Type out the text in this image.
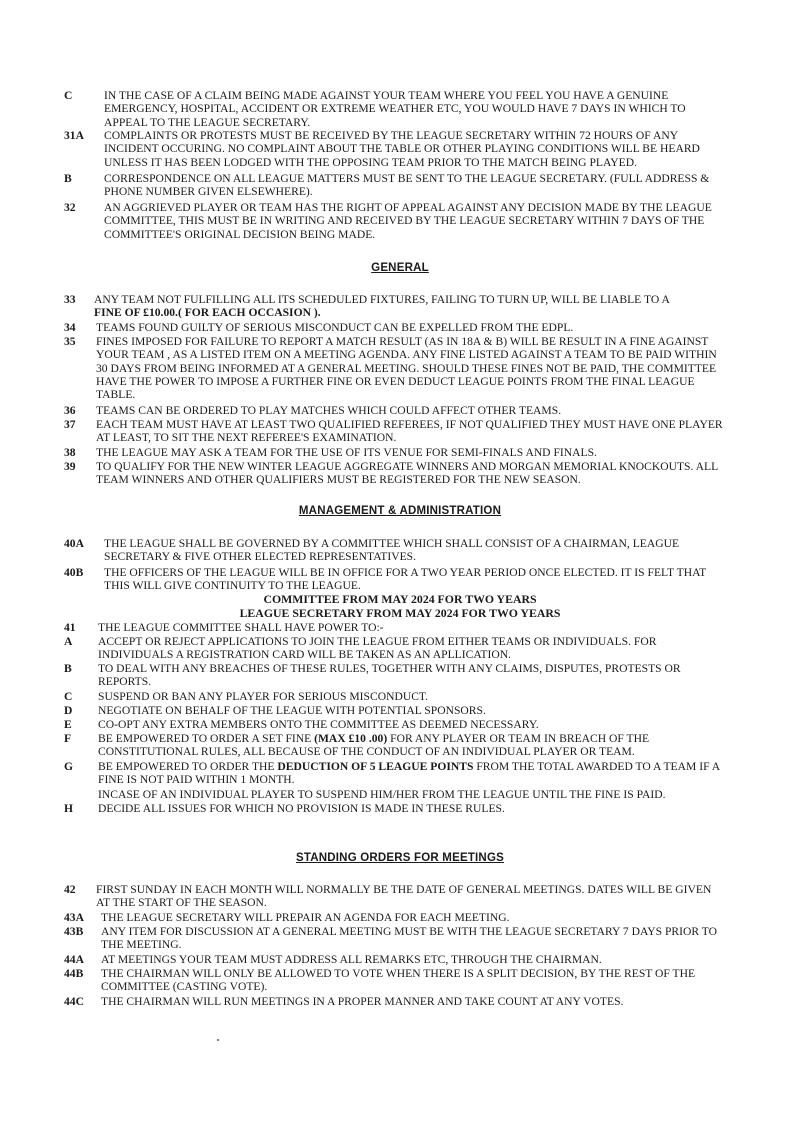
C	IN THE CASE OF A CLAIM BEING MADE AGAINST YOUR TEAM WHERE YOU FEEL YOU HAVE A GENUINE EMERGENCY, HOSPITAL, ACCIDENT OR EXTREME WEATHER ETC, YOU WOULD HAVE 7 DAYS IN WHICH TO APPEAL TO THE LEAGUE SECRETARY.
31A COMPLAINTS OR PROTESTS MUST BE RECEIVED BY THE LEAGUE SECRETARY WITHIN 72 HOURS OF ANY INCIDENT OCCURING. NO COMPLAINT ABOUT THE TABLE OR OTHER PLAYING CONDITIONS WILL BE HEARD UNLESS IT HAS BEEN LODGED WITH THE OPPOSING TEAM PRIOR TO THE MATCH BEING PLAYED.
B	CORRESPONDENCE ON ALL LEAGUE MATTERS MUST BE SENT TO THE LEAGUE SECRETARY. (FULL ADDRESS & PHONE NUMBER GIVEN ELSEWHERE).
32 AN AGGRIEVED PLAYER OR TEAM HAS THE RIGHT OF APPEAL AGAINST ANY DECISION MADE BY THE LEAGUE COMMITTEE, THIS MUST BE IN WRITING AND RECEIVED BY THE LEAGUE SECRETARY WITHIN 7 DAYS OF THE COMMITTEE'S ORIGINAL DECISION BEING MADE.
GENERAL
33 ANY TEAM NOT FULFILLING ALL ITS SCHEDULED FIXTURES, FAILING TO TURN UP, WILL BE LIABLE TO A
FINE OF £10.00.( FOR EACH OCCASION ).
34 TEAMS FOUND GUILTY OF SERIOUS MISCONDUCT CAN BE EXPELLED FROM THE EDPL.
35 FINES IMPOSED FOR FAILURE TO REPORT A MATCH RESULT (AS IN 18A & B) WILL BE RESULT IN A FINE AGAINST YOUR TEAM , AS A LISTED ITEM ON A MEETING AGENDA. ANY FINE LISTED AGAINST A TEAM TO BE PAID WITHIN 30 DAYS FROM BEING INFORMED AT A GENERAL MEETING. SHOULD THESE FINES NOT BE PAID, THE COMMITTEE HAVE THE POWER TO IMPOSE A FURTHER FINE OR EVEN DEDUCT LEAGUE POINTS FROM THE FINAL LEAGUE TABLE.
36 TEAMS CAN BE ORDERED TO PLAY MATCHES WHICH COULD AFFECT OTHER TEAMS.
37 EACH TEAM MUST HAVE AT LEAST TWO QUALIFIED REFEREES, IF NOT QUALIFIED THEY MUST HAVE ONE PLAYER AT LEAST, TO SIT THE NEXT REFEREE'S EXAMINATION.
38 THE LEAGUE MAY ASK A TEAM FOR THE USE OF ITS VENUE FOR SEMI-FINALS AND FINALS.
39 TO QUALIFY FOR THE NEW WINTER LEAGUE AGGREGATE WINNERS AND MORGAN MEMORIAL KNOCKOUTS. ALL TEAM WINNERS AND OTHER QUALIFIERS MUST BE REGISTERED FOR THE NEW SEASON.
MANAGEMENT & ADMINISTRATION
40A THE LEAGUE SHALL BE GOVERNED BY A COMMITTEE WHICH SHALL CONSIST OF A CHAIRMAN, LEAGUE SECRETARY & FIVE OTHER ELECTED REPRESENTATIVES.
40B THE OFFICERS OF THE LEAGUE WILL BE IN OFFICE FOR A TWO YEAR PERIOD ONCE ELECTED. IT IS FELT THAT THIS WILL GIVE CONTINUITY TO THE LEAGUE.
COMMITTEE FROM MAY 2024 FOR TWO YEARS
LEAGUE SECRETARY FROM MAY 2024 FOR TWO YEARS
41 THE LEAGUE COMMITTEE SHALL HAVE POWER TO:-
A ACCEPT OR REJECT APPLICATIONS TO JOIN THE LEAGUE FROM EITHER TEAMS OR INDIVIDUALS. FOR INDIVIDUALS A REGISTRATION CARD WILL BE TAKEN AS AN APLLICATION.
B TO DEAL WITH ANY BREACHES OF THESE RULES, TOGETHER WITH ANY CLAIMS, DISPUTES, PROTESTS OR REPORTS.
C SUSPEND OR BAN ANY PLAYER FOR SERIOUS MISCONDUCT.
D NEGOTIATE ON BEHALF OF THE LEAGUE WITH POTENTIAL SPONSORS.
E CO-OPT ANY EXTRA MEMBERS ONTO THE COMMITTEE AS DEEMED NECESSARY.
F BE EMPOWERED TO ORDER A SET FINE (MAX £10 .00) FOR ANY PLAYER OR TEAM IN BREACH OF THE CONSTITUTIONAL RULES, ALL BECAUSE OF THE CONDUCT OF AN INDIVIDUAL PLAYER OR TEAM.
G BE EMPOWERED TO ORDER THE DEDUCTION OF 5 LEAGUE POINTS FROM THE TOTAL AWARDED TO A TEAM IF A FINE IS NOT PAID WITHIN 1 MONTH.
INCASE OF AN INDIVIDUAL PLAYER TO SUSPEND HIM/HER FROM THE LEAGUE UNTIL THE FINE IS PAID.
H DECIDE ALL ISSUES FOR WHICH NO PROVISION IS MADE IN THESE RULES.
STANDING ORDERS FOR MEETINGS
42 FIRST SUNDAY IN EACH MONTH WILL NORMALLY BE THE DATE OF GENERAL MEETINGS. DATES WILL BE GIVEN AT THE START OF THE SEASON.
43A THE LEAGUE SECRETARY WILL PREPAIR AN AGENDA FOR EACH MEETING.
43B ANY ITEM FOR DISCUSSION AT A GENERAL MEETING MUST BE WITH THE LEAGUE SECRETARY 7 DAYS PRIOR TO THE MEETING.
44A AT MEETINGS YOUR TEAM MUST ADDRESS ALL REMARKS ETC, THROUGH THE CHAIRMAN.
44B THE CHAIRMAN WILL ONLY BE ALLOWED TO VOTE WHEN THERE IS A SPLIT DECISION, BY THE REST OF THE COMMITTEE (CASTING VOTE).
44C THE CHAIRMAN WILL RUN MEETINGS IN A PROPER MANNER AND TAKE COUNT AT ANY VOTES.
